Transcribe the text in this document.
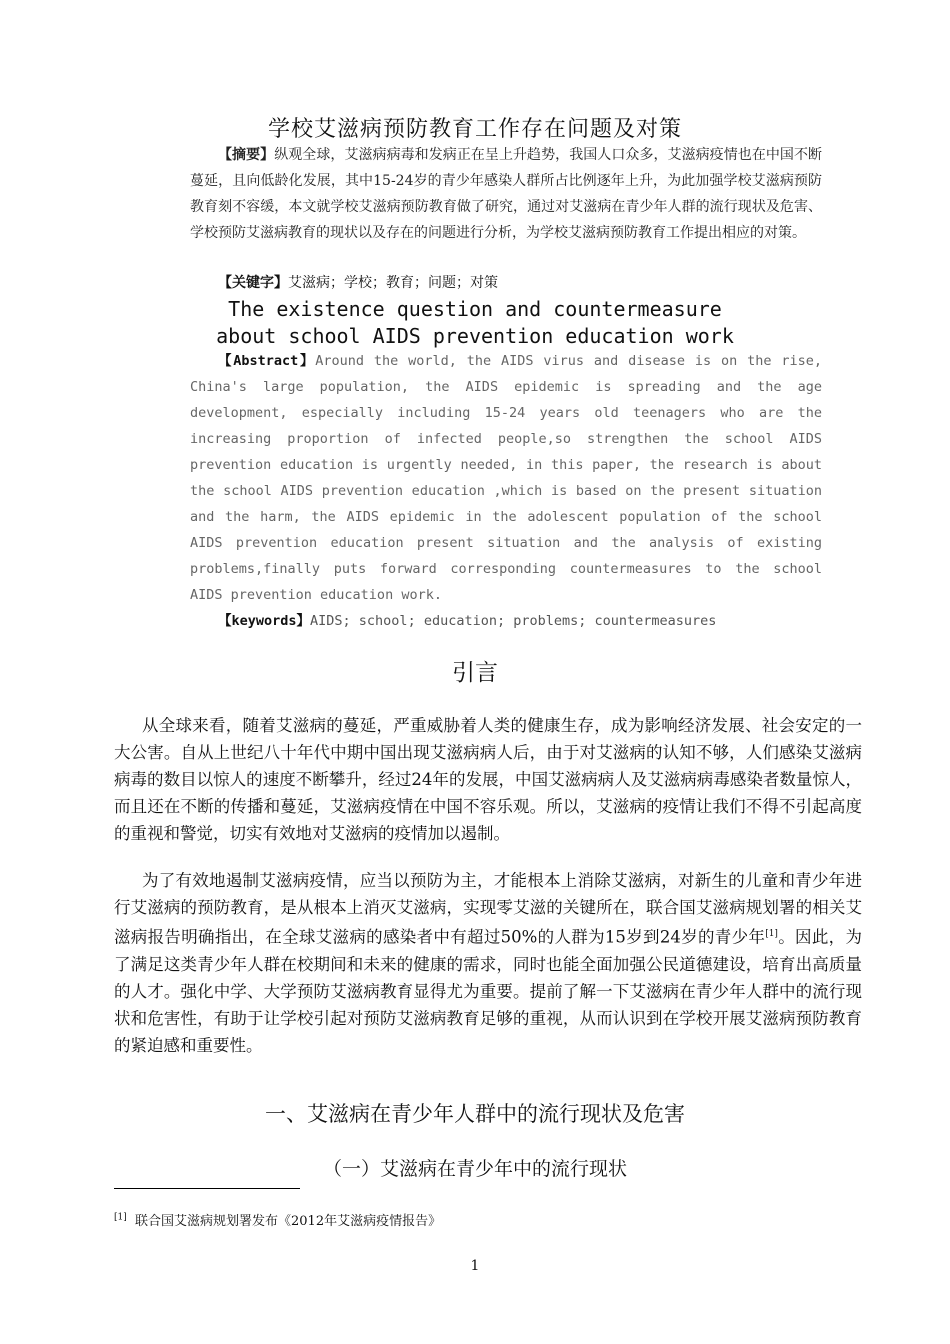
学校艾滋病预防教育工作存在问题及对策
【摘要】纵观全球，艾滋病病毒和发病正在呈上升趋势，我国人口众多，艾滋病疫情也在中国不断蔓延，且向低龄化发展，其中15-24岁的青少年感染人群所占比例逐年上升，为此加强学校艾滋病预防教育刻不容缓，本文就学校艾滋病预防教育做了研究，通过对艾滋病在青少年人群的流行现状及危害、学校预防艾滋病教育的现状以及存在的问题进行分析，为学校艾滋病预防教育工作提出相应的对策。
【关键字】艾滋病；学校；教育；问题；对策
The existence question and countermeasure
about school AIDS prevention education work
【Abstract】Around the world, the AIDS virus and disease is on the rise, China's large population, the AIDS epidemic is spreading and the age development, especially including 15-24 years old teenagers who are the increasing proportion of infected people,so strengthen the school AIDS prevention education is urgently needed, in this paper, the research is about the school AIDS prevention education ,which is based on the present situation and the harm, the AIDS epidemic in the adolescent population of the school AIDS prevention education present situation and the analysis of existing problems,finally puts forward corresponding countermeasures to the school AIDS prevention education work.
【keywords】AIDS; school; education; problems; countermeasures
引言
从全球来看，随着艾滋病的蔓延，严重威胁着人类的健康生存，成为影响经济发展、社会安定的一大公害。自从上世纪八十年代中期中国出现艾滋病病人后，由于对艾滋病的认知不够，人们感染艾滋病病毒的数目以惊人的速度不断攀升，经过24年的发展，中国艾滋病病人及艾滋病病毒感染者数量惊人，而且还在不断的传播和蔓延，艾滋病疫情在中国不容乐观。所以，艾滋病的疫情让我们不得不引起高度的重视和警觉，切实有效地对艾滋病的疫情加以遏制。
为了有效地遏制艾滋病疫情，应当以预防为主，才能根本上消除艾滋病，对新生的儿童和青少年进行艾滋病的预防教育，是从根本上消灭艾滋病，实现零艾滋的关键所在，联合国艾滋病规划署的相关艾滋病报告明确指出，在全球艾滋病的感染者中有超过50%的人群为15岁到24岁的青少年[1]。因此，为了满足这类青少年人群在校期间和未来的健康的需求，同时也能全面加强公民道德建设，培育出高质量的人才。强化中学、大学预防艾滋病教育显得尤为重要。提前了解一下艾滋病在青少年人群中的流行现状和危害性，有助于让学校引起对预防艾滋病教育足够的重视，从而认识到在学校开展艾滋病预防教育的紧迫感和重要性。
一、艾滋病在青少年人群中的流行现状及危害
（一）艾滋病在青少年中的流行现状
[1] 联合国艾滋病规划署发布《2012年艾滋病疫情报告》
1
